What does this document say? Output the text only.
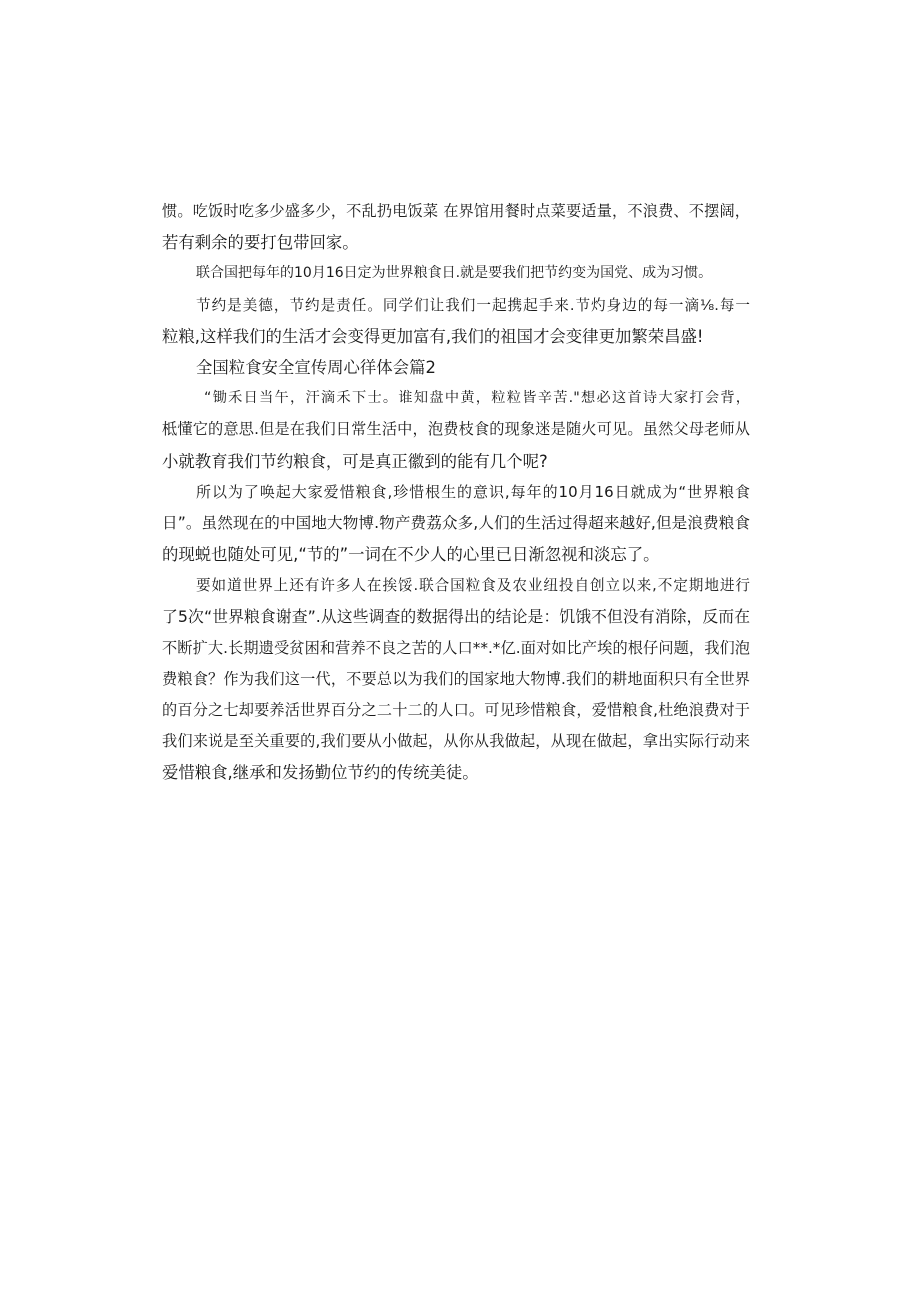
惯。吃饭时吃多少盛多少，不乱扔电饭菜 在界馆用餐时点菜要适量，不浪费、不摆阔，
若有剩余的要打包带回家。
联合国把每年的10月16日定为世界粮食日.就是要我们把节约变为国党、成为习惯。
节约是美德，节约是责任。同学们让我们一起携起手来.节灼身边的每一滴⅛.每一
粒粮,这样我们的生活才会变得更加富有,我们的祖国才会变律更加繁荣昌盛!
全国粒食安全宣传周心徉体会篇2
“锄禾日当午，汗滴禾下士。谁知盘中黄，粒粒皆辛苦."想必这首诗大家打会背，
柢懂它的意思.但是在我们日常生活中，泡费枝食的现象迷是随火可见。虽然父母老师从
小就教育我们节约粮食，可是真正徽到的能有几个呢?
所以为了唤起大家爱惜粮食,珍惜根生的意识,每年的10月16日就成为“世界粮食
日”。虽然现在的中国地大物博.物产费荔众多,人们的生活过得超来越好,但是浪费粮食
的现蜕也随处可见,“节的”一词在不少人的心里已日渐忽视和淡忘了。
要如道世界上还有许多人在挨馁.联合国粒食及农业纽投自创立以来,不定期地进行
了5次“世界粮食谢查”.从这些调查的数据得出的结论是：饥饿不但没有消除，反而在
不断扩大.长期遗受贫困和营养不良之苦的人口**.*亿.面对如比产埃的根仔问题，我们泡
费粮食？作为我们这一代，不要总以为我们的国家地大物博.我们的耕地面积只有全世界
的百分之七却要养活世界百分之二十二的人口。可见珍惜粮食，爱惜粮食,杜绝浪费对于
我们来说是至关重要的,我们要从小做起，从你从我做起，从现在做起，拿出实际行动来
爱惜粮食,继承和发扬勤位节约的传统美徒。
